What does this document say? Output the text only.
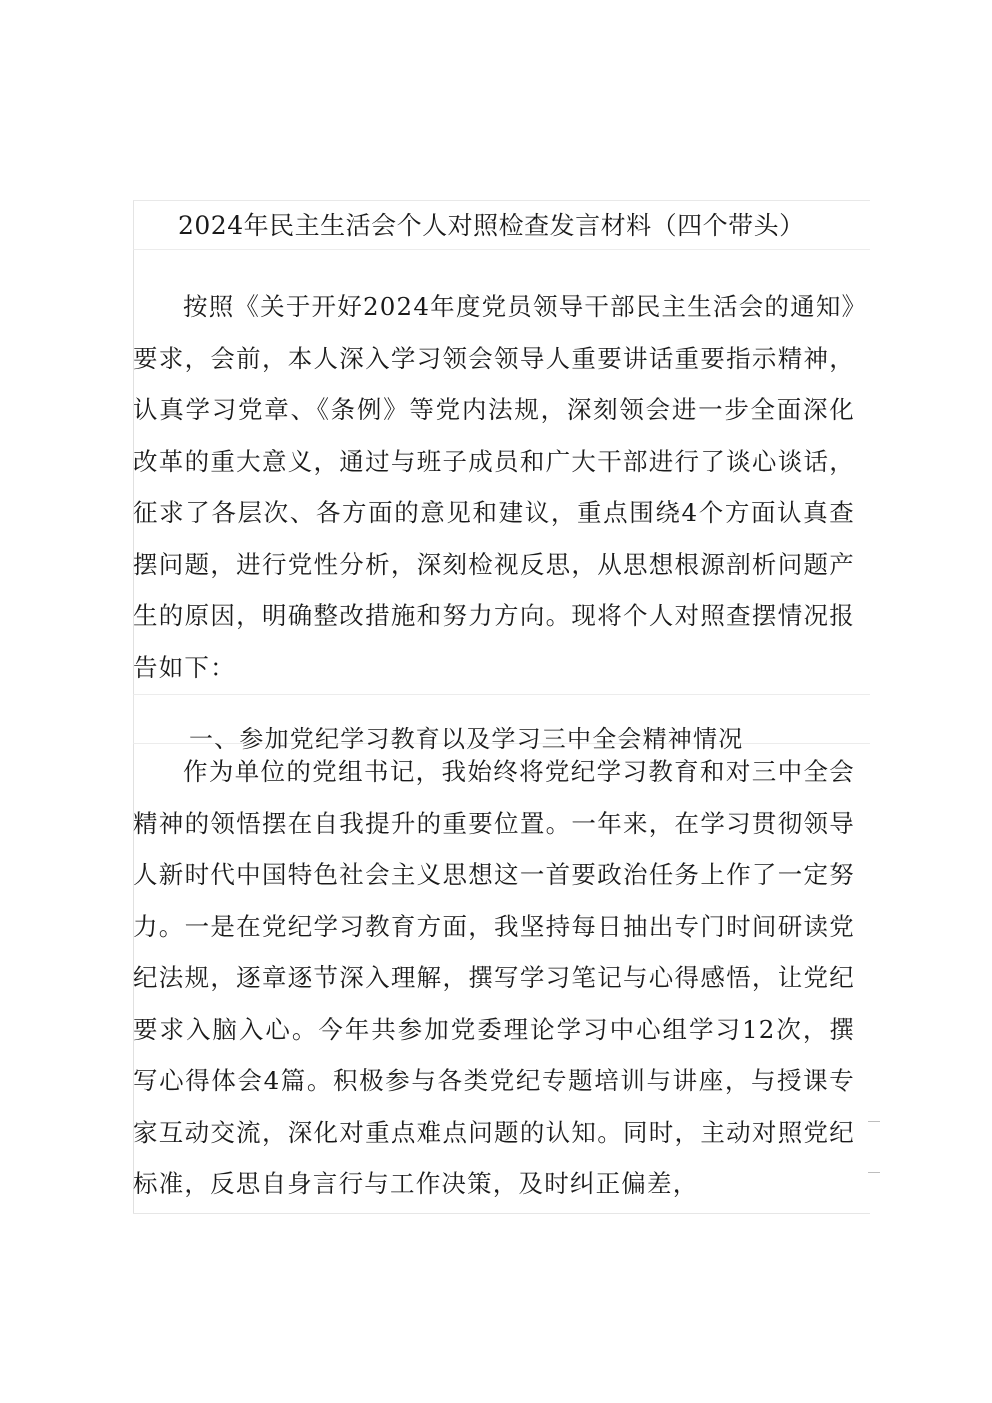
2024年民主生活会个人对照检查发言材料（四个带头）

按照《关于开好2024年度党员领导干部民主生活会的通知》要求，会前，本人深入学习领会领导人重要讲话重要指示精神，认真学习党章、《条例》等党内法规，深刻领会进一步全面深化改革的重大意义，通过与班子成员和广大干部进行了谈心谈话，征求了各层次、各方面的意见和建议，重点围绕4个方面认真查摆问题，进行党性分析，深刻检视反思，从思想根源剖析问题产生的原因，明确整改措施和努力方向。现将个人对照查摆情况报告如下：

一、参加党纪学习教育以及学习三中全会精神情况

作为单位的党组书记，我始终将党纪学习教育和对三中全会精神的领悟摆在自我提升的重要位置。一年来，在学习贯彻领导人新时代中国特色社会主义思想这一首要政治任务上作了一定努力。一是在党纪学习教育方面，我坚持每日抽出专门时间研读党纪法规，逐章逐节深入理解，撰写学习笔记与心得感悟，让党纪要求入脑入心。今年共参加党委理论学习中心组学习12次，撰写心得体会4篇。积极参与各类党纪专题培训与讲座，与授课专家互动交流，深化对重点难点问题的认知。同时，主动对照党纪标准，反思自身言行与工作决策，及时纠正偏差，
